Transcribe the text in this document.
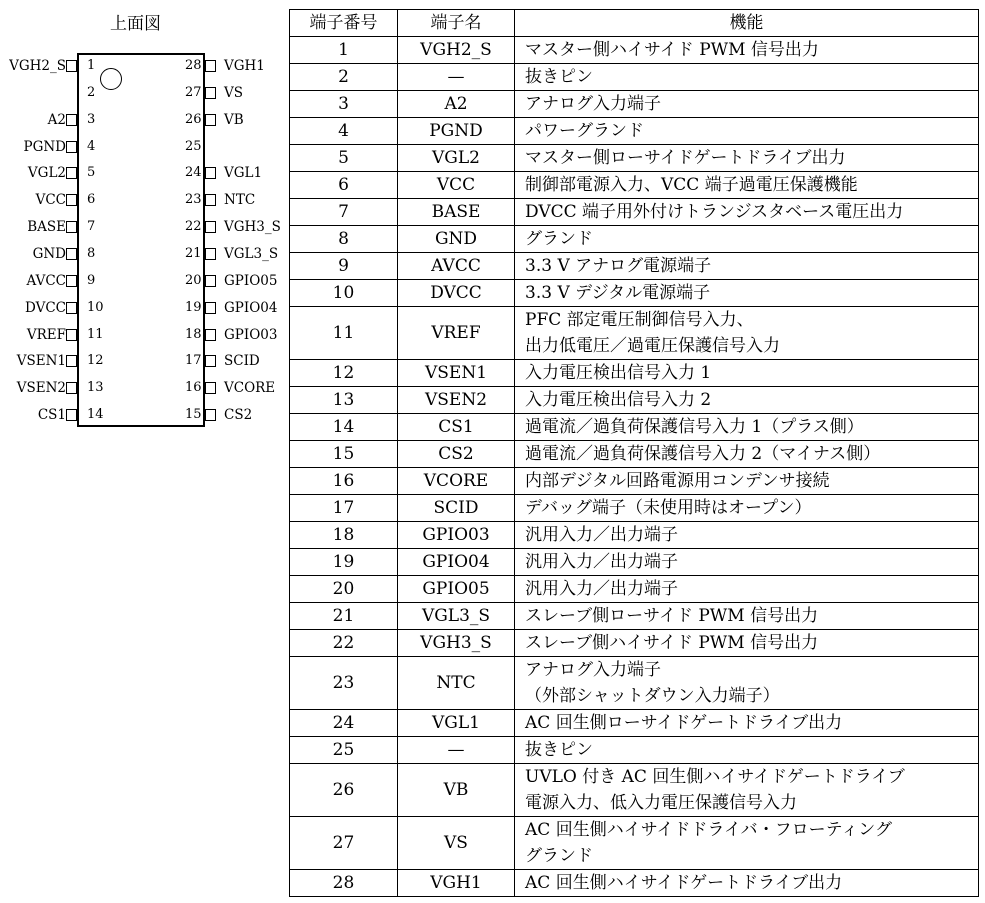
上面図
1
VGH2_S
2
3
A2
4
PGND
5
VGL2
6
VCC
7
BASE
8
GND
9
AVCC
10
DVCC
11
VREF
12
VSEN1
13
VSEN2
14
CS1
28 VGH1
27 VS
26 VB
25
24 VGL1
23 NTC
22 VGH3_S
21 VGL3_S
20 GPIO05
19 GPIO04
18 GPIO03
17 SCID
16 VCORE
15 CS2
端子番号	端子名	機能
1	VGH2_S	マスター側ハイサイド PWM 信号出力
2	—	抜きピン
3	A2	アナログ入力端子
4	PGND	パワーグランド
5	VGL2	マスター側ローサイドゲートドライブ出力
6	VCC	制御部電源入力、VCC 端子過電圧保護機能
7	BASE	DVCC 端子用外付けトランジスタベース電圧出力
8	GND	グランド
9	AVCC	3.3 V アナログ電源端子
10	DVCC	3.3 V デジタル電源端子
11	VREF	PFC 部定電圧制御信号入力、
出力低電圧／過電圧保護信号入力
12	VSEN1	入力電圧検出信号入力 1
13	VSEN2	入力電圧検出信号入力 2
14	CS1	過電流／過負荷保護信号入力 1（プラス側）
15	CS2	過電流／過負荷保護信号入力 2（マイナス側）
16	VCORE	内部デジタル回路電源用コンデンサ接続
17	SCID	デバッグ端子（未使用時はオープン）
18	GPIO03	汎用入力／出力端子
19	GPIO04	汎用入力／出力端子
20	GPIO05	汎用入力／出力端子
21	VGL3_S	スレーブ側ローサイド PWM 信号出力
22	VGH3_S	スレーブ側ハイサイド PWM 信号出力
23	NTC	アナログ入力端子
（外部シャットダウン入力端子）
24	VGL1	AC 回生側ローサイドゲートドライブ出力
25	—	抜きピン
26	VB	UVLO 付き AC 回生側ハイサイドゲートドライブ
電源入力、低入力電圧保護信号入力
27	VS	AC 回生側ハイサイドドライバ・フローティング
グランド
28	VGH1	AC 回生側ハイサイドゲートドライブ出力
